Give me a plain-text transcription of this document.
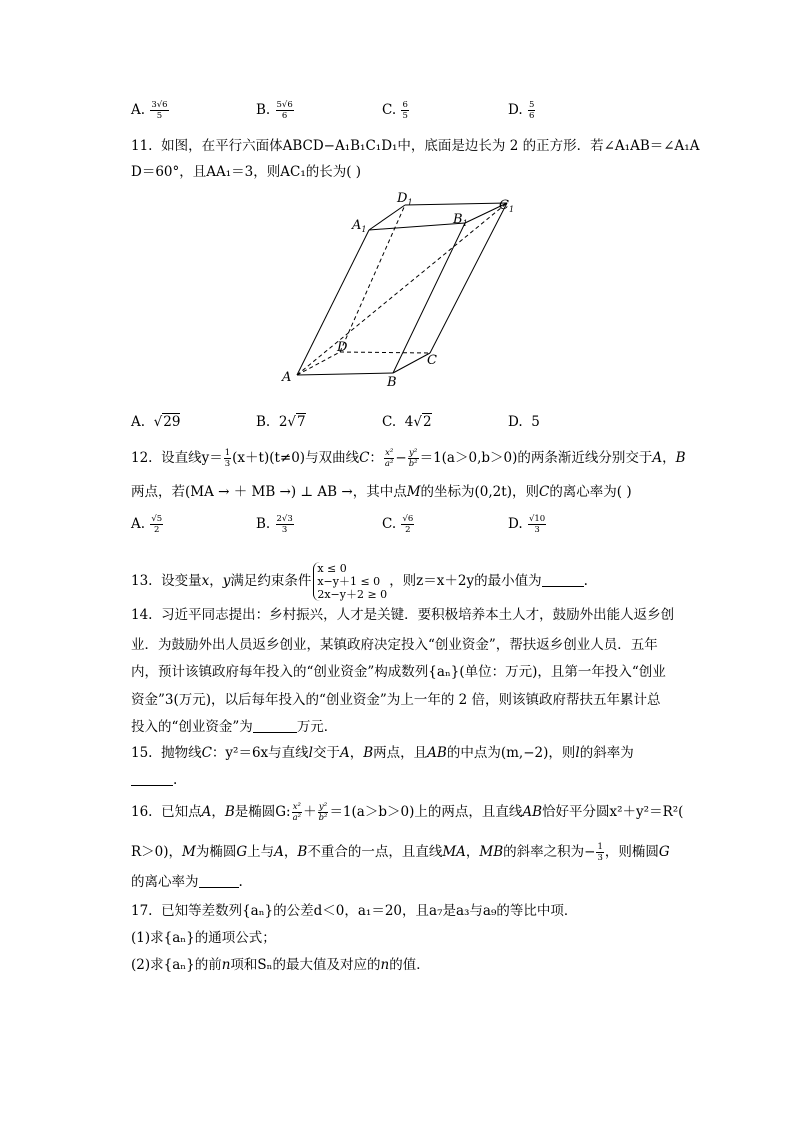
A. $\frac{3√6}{5}$	B. $\frac{5√6}{6}$	C. $\frac{6}{5}$	D. $\frac{5}{6}$
11. 如图，在平行六面体ABCD−A₁B₁C₁D₁中，底面是边长为 2 的正方形．若∠A₁AB＝∠A₁A
D＝60°，且AA₁＝3，则AC₁的长为( )
A	B
C
D
$A_1$
$B_1$
$C_1$
$D_1$
A.  √29	B. 2√7	C. 4√2	D. 5
12. 设直线$y= \frac{1}{3} (x+t)(t\ne 0)$与双曲线C： $\frac{\text{x²}}{\text{a²}} - \frac{\text{y²}}{\text{b²}} =1(a>0,b>0)$的两条渐近线分别交于A，B
两点，若(MA → ＋ MB →) ⊥ AB →，其中点M的坐标为(0,2t)，则C的离心率为( )
A. $\frac{√5}{2}$	B. $\frac{2√3}{3}$	C. $\frac{√6}{2}$	D. $\frac{√10}{3}$
13. 设变量x，y满足约束条件
x ≤ 0
x−y＋1 ≤ 0
2x−y＋2 ≥ 0
，则z＝x＋2y的最小值为	.
14. 习近平同志提出：乡村振兴，人才是关键．要积极培养本土人才，鼓励外出能人返乡创
业．为鼓励外出人员返乡创业，某镇政府决定投入“创业资金”，帮扶返乡创业人员．五年
内，预计该镇政府每年投入的“创业资金”构成数列{aₙ}(单位：万元)，且第一年投入“创业
资金”3(万元)，以后每年投入的“创业资金”为上一年的 2 倍，则该镇政府帮扶五年累计总
投入的“创业资金”为	万元．
15. 抛物线C：y²＝6x与直线l交于A，B两点，且AB的中点为(m,−2)，则l的斜率为
.
16. 已知点A，B是椭圆G: $\frac{\text{x²}}{\text{a²}} + \frac{\text{y²}}{\text{b²}} =1(a>b>0)$上的两点，且直线AB恰好平分圆x²＋y²＝R²(
R＞0)，M为椭圆G上与A，B不重合的一点，且直线MA，MB的斜率之积为− $\frac{1}{3}$ ，则椭圆G
的离心率为	.
17. 已知等差数列{aₙ}的公差d＜0，a₁＝20，且a₇是a₃与a₉的等比中项．
(1)求{aₙ}的通项公式；
(2)求{aₙ}的前n项和Sₙ的最大值及对应的n的值．
